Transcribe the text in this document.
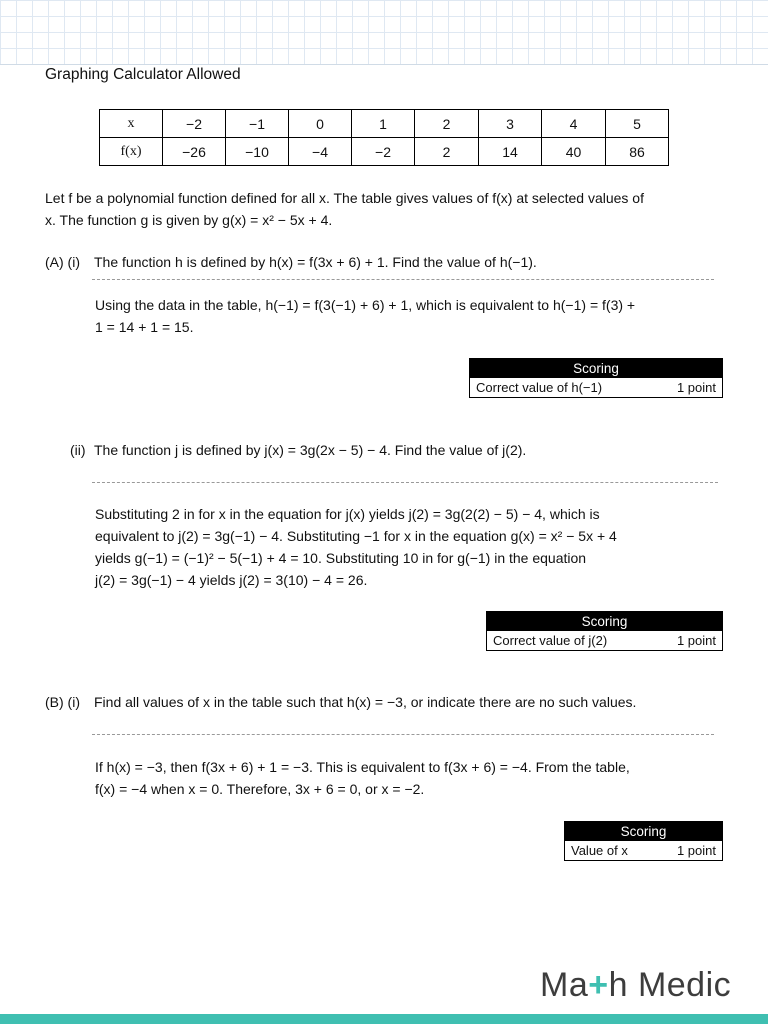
Graphing Calculator Allowed
x	−2	−1	0	1	2	3	4	5
f(x)	−26	−10	−4	−2	2	14	40	86
Let f be a polynomial function defined for all x. The table gives values of f(x) at selected values of
x. The function g is given by g(x) = x² − 5x + 4.
(A) (i) The function h is defined by h(x) = f(3x + 6) + 1. Find the value of h(−1).
Using the data in the table, h(−1) = f(3(−1) + 6) + 1, which is equivalent to h(−1) = f(3) +
1 = 14 + 1 = 15.
Scoring
Correct value of h(−1)	1 point
(ii) The function j is defined by j(x) = 3g(2x − 5) − 4. Find the value of j(2).
Substituting 2 in for x in the equation for j(x) yields j(2) = 3g(2(2) − 5) − 4, which is
equivalent to j(2) = 3g(−1) − 4. Substituting −1 for x in the equation g(x) = x² − 5x + 4
yields g(−1) = (−1)² − 5(−1) + 4 = 10. Substituting 10 in for g(−1) in the equation
j(2) = 3g(−1) − 4 yields j(2) = 3(10) − 4 = 26.
Scoring
Correct value of j(2)	1 point
(B) (i) Find all values of x in the table such that h(x) = −3, or indicate there are no such values.
If h(x) = −3, then f(3x + 6) + 1 = −3. This is equivalent to f(3x + 6) = −4. From the table,
f(x) = −4 when x = 0. Therefore, 3x + 6 = 0, or x = −2.
Scoring
Value of x	1 point
Ma+h Medic
